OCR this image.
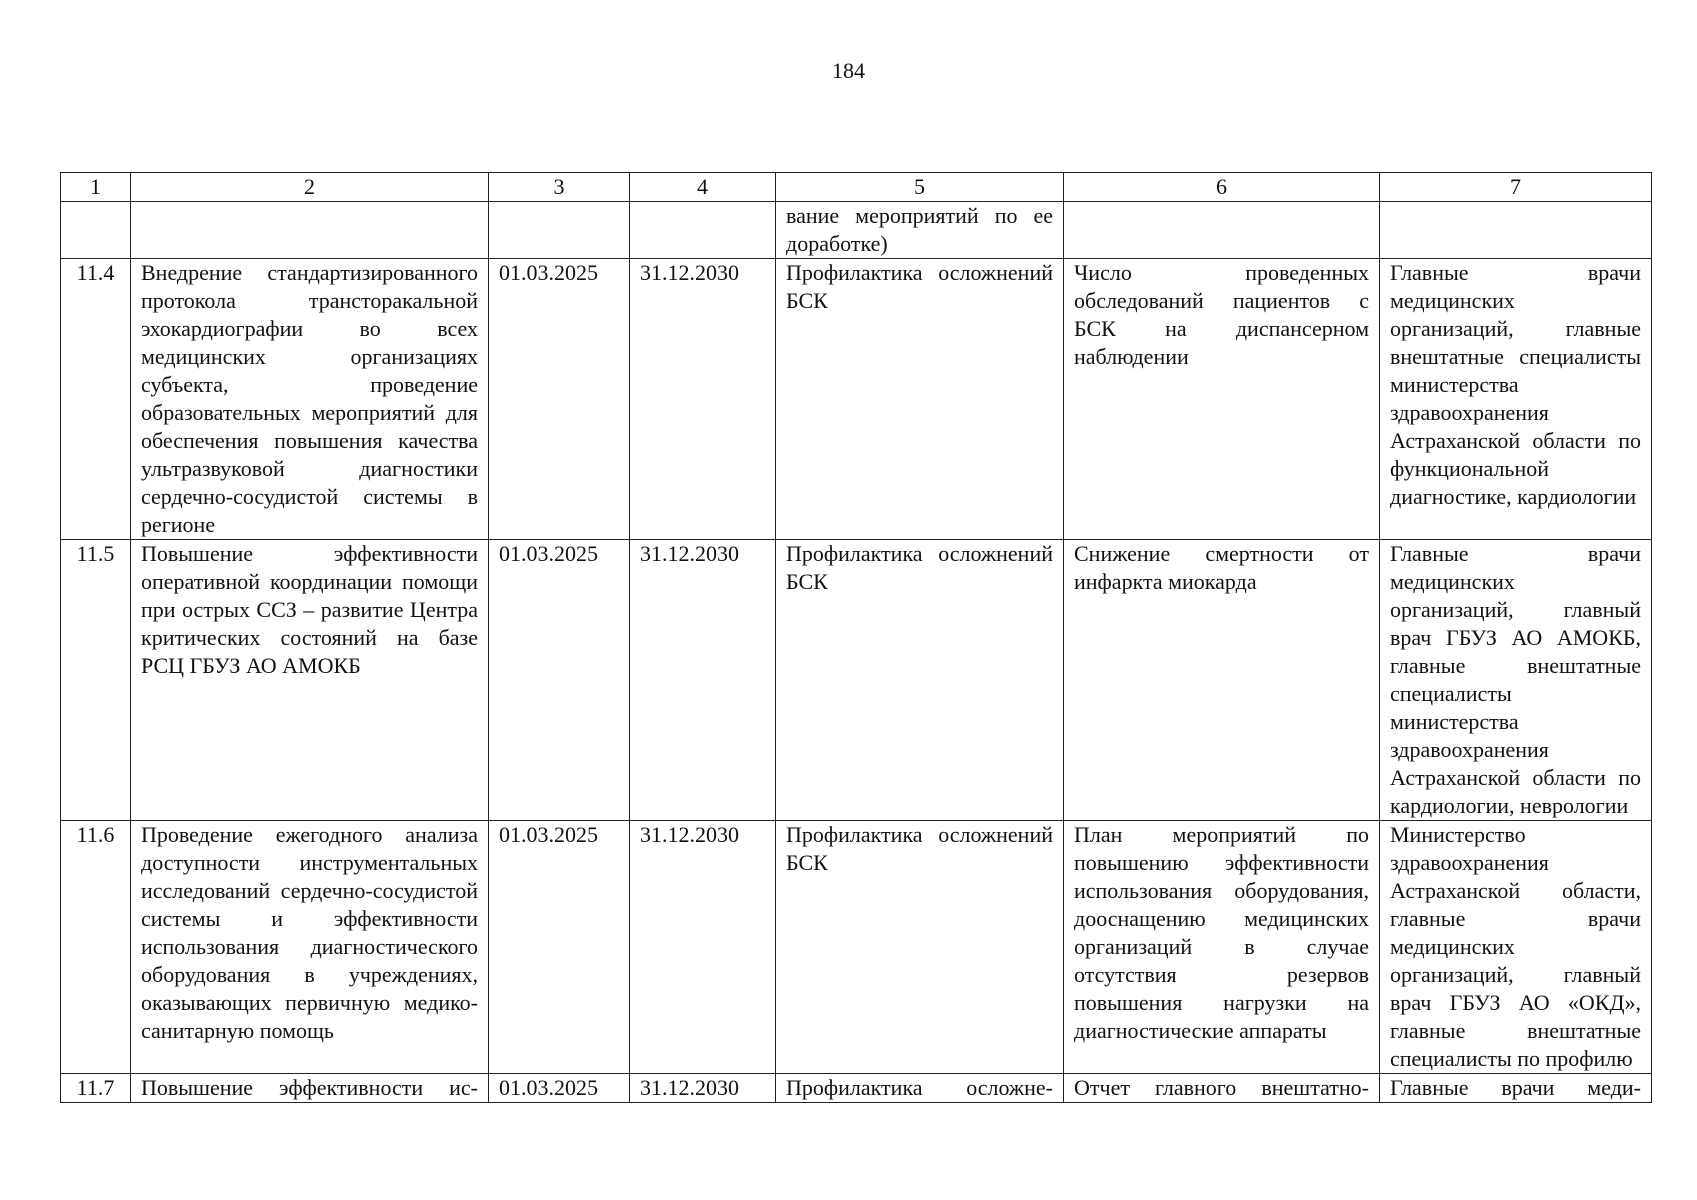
184
1	2	3	4	5	6	7
				вание мероприятий по ее доработке)		
11.4	Внедрение стандартизированного протокола трансторакальной эхокардиографии во всех медицинских организациях субъекта, проведение образовательных мероприятий для обеспечения повышения качества ультразвуковой диагностики сердечно-сосудистой системы в регионе	01.03.2025	31.12.2030	Профилактика осложнений БСК	Число проведенных обследований пациентов с БСК на диспансерном наблюдении	Главные врачи медицинских организаций, главные внештатные специалисты министерства здравоохранения Астраханской области по функциональной диагностике, кардиологии
11.5	Повышение эффективности оперативной координации помощи при острых ССЗ – развитие Центра критических состояний на базе РСЦ ГБУЗ АО АМОКБ	01.03.2025	31.12.2030	Профилактика осложнений БСК	Снижение смертности от инфаркта миокарда	Главные врачи медицинских организаций, главный врач ГБУЗ АО АМОКБ, главные внештатные специалисты министерства здравоохранения Астраханской области по кардиологии, неврологии
11.6	Проведение ежегодного анализа доступности инструментальных исследований сердечно-сосудистой системы и эффективности использования диагностического оборудования в учреждениях, оказывающих первичную медико-санитарную помощь	01.03.2025	31.12.2030	Профилактика осложнений БСК	План мероприятий по повышению эффективности использования оборудования, дооснащению медицинских организаций в случае отсутствия резервов повышения нагрузки на диагностические аппараты	Министерство здравоохранения Астраханской области, главные врачи медицинских организаций, главный врач ГБУЗ АО «ОКД», главные внештатные специалисты по профилю
11.7	Повышение эффективности ис-	01.03.2025	31.12.2030	Профилактика осложне-	Отчет главного внештатно-	Главные врачи меди-
